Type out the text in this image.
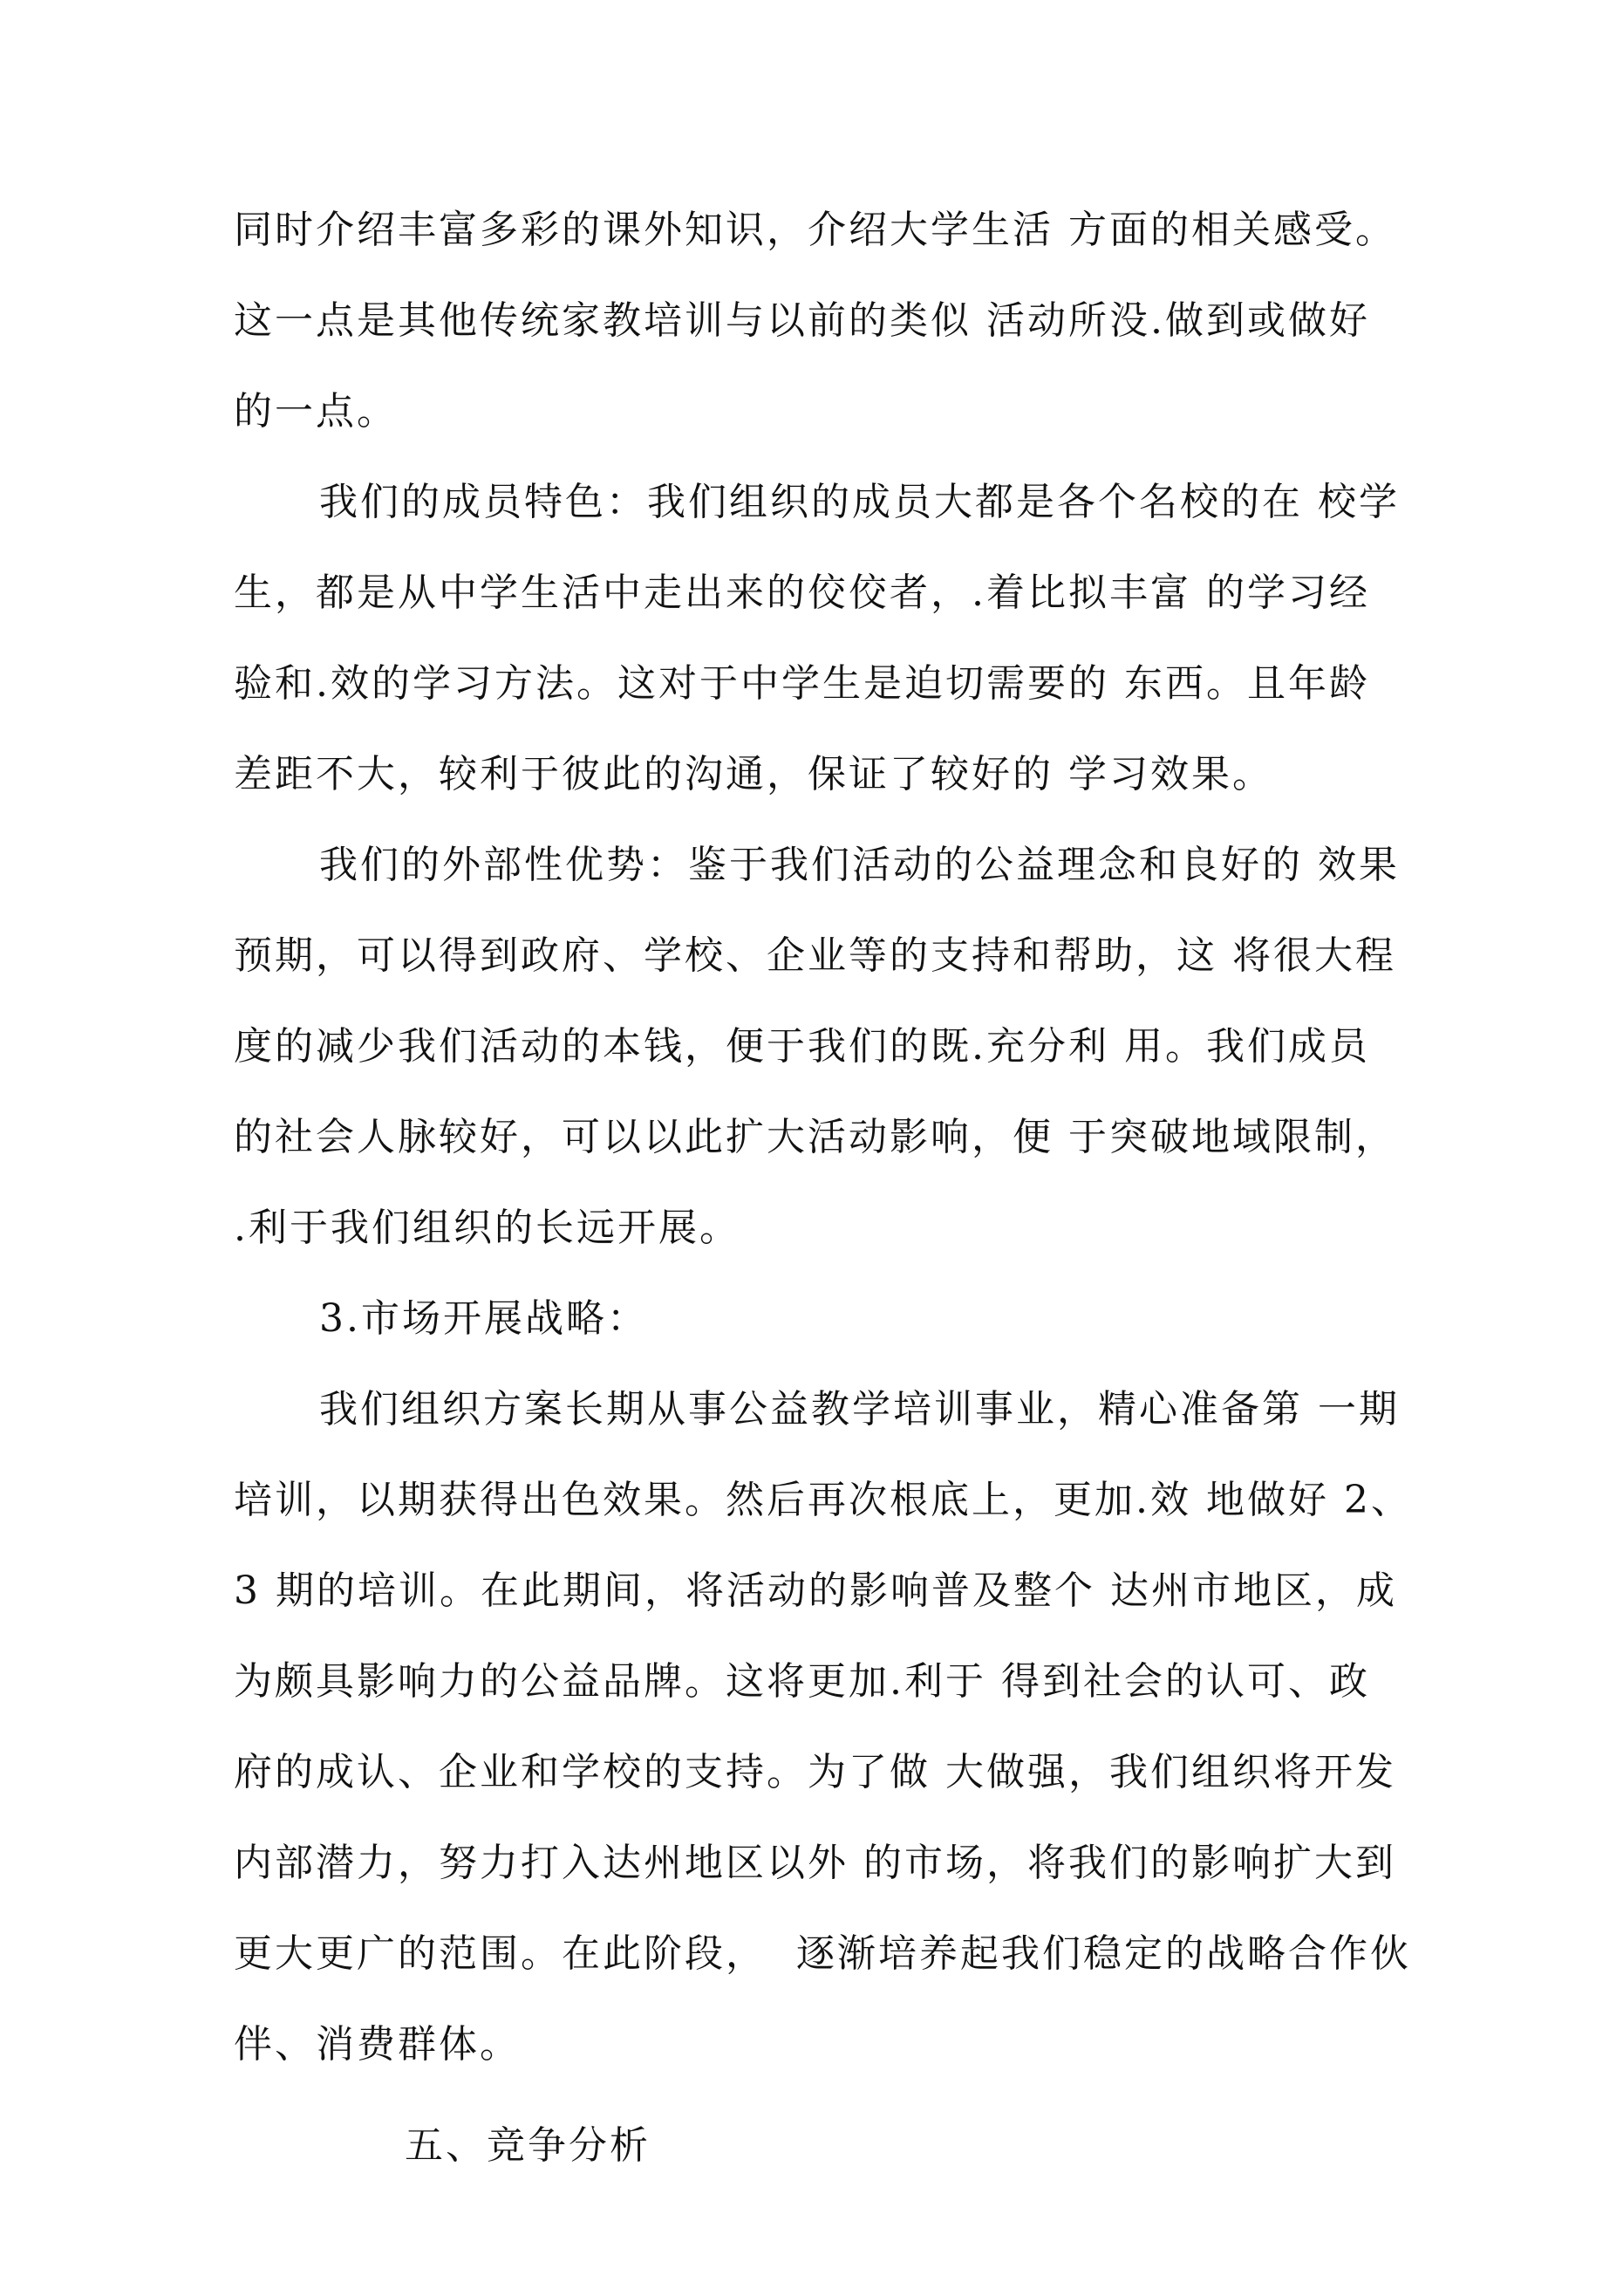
同时介绍丰富多彩的课外知识，介绍大学生活 方面的相关感受。
这一点是其他传统家教培训与以前的类似 活动所没.做到或做好
的一点。
我们的成员特色：我们组织的成员大都是各个名校的在 校学
生，都是从中学生活中走出来的佼佼者，.着比拟丰富 的学习经
验和.效的学习方法。这对于中学生是迫切需要的 东西。且年龄
差距不大，较利于彼此的沟通，保证了较好的 学习效果。
我们的外部性优势：鉴于我们活动的公益理念和良好的 效果
预期，可以得到政府、学校、企业等的支持和帮助，这 将很大程
度的减少我们活动的本钱，便于我们的既.充分利 用。我们成员
的社会人脉较好，可以以此扩大活动影响，便 于突破地域限制，
.利于我们组织的长远开展。
3.市场开展战略：
我们组织方案长期从事公益教学培训事业，精心准备第 一期
培训，以期获得出色效果。然后再次根底上，更加.效 地做好 2、
3 期的培训。在此期间，将活动的影响普及整个 达州市地区，成
为颇具影响力的公益品牌。这将更加.利于 得到社会的认可、政
府的成认、企业和学校的支持。为了做 大做强，我们组织将开发
内部潜力，努力打入达州地区以外 的市场，将我们的影响扩大到
更大更广的范围。在此阶段，  逐渐培养起我们稳定的战略合作伙
伴、消费群体。
五、竞争分析
